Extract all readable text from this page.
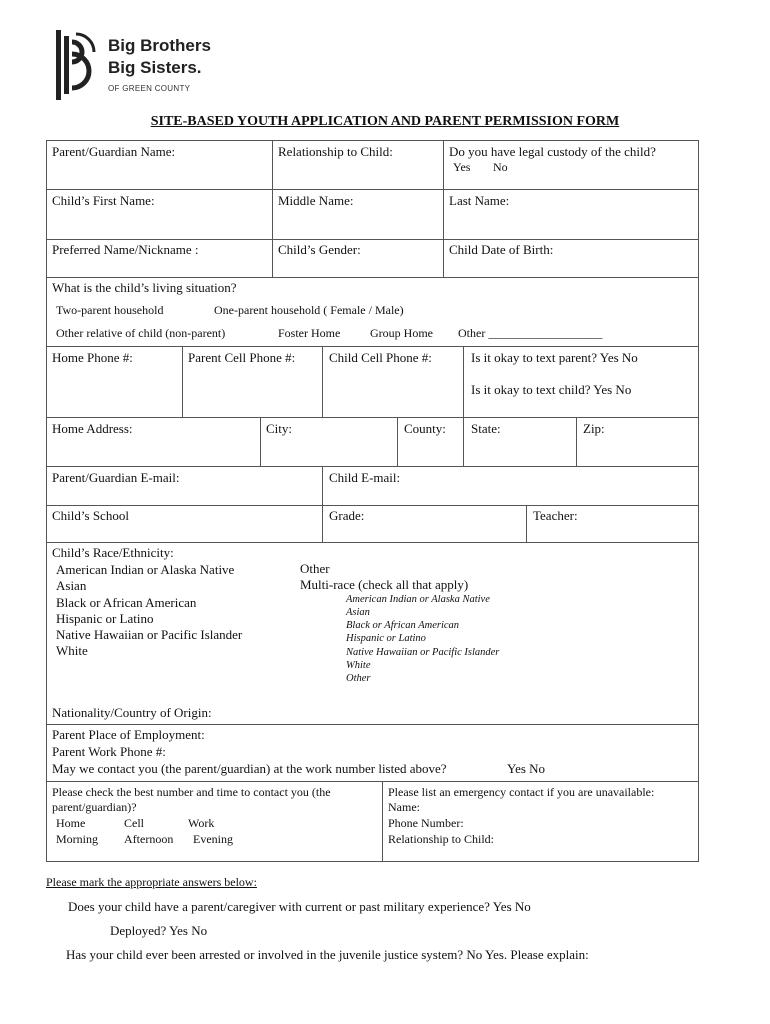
Big Brothers
Big Sisters.
OF GREEN COUNTY
SITE-BASED YOUTH APPLICATION AND PARENT PERMISSION FORM
Parent/Guardian Name:	Relationship to Child:	Do you have legal custody of the child?
Yes No
Child’s First Name:	Middle Name:	Last Name:
Preferred Name/Nickname :	Child’s Gender:	Child Date of Birth:
What is the child’s living situation?
Two-parent household	One-parent household ( Female / Male)
Other relative of child (non-parent)	Foster Home Group Home Other ___________________
Home Phone #:	Parent Cell Phone #:	Child Cell Phone #:	Is it okay to text parent? Yes No
Is it okay to text child? Yes No
Home Address:	City:	County: State:	Zip:
Parent/Guardian E-mail:	Child E-mail:
Child’s School	Grade:	Teacher:
Child’s Race/Ethnicity:
American Indian or Alaska Native
Asian
Black or African American
Hispanic or Latino
Native Hawaiian or Pacific Islander
White
Other
Multi-race (check all that apply)
American Indian or Alaska Native
Asian
Black or African American
Hispanic or Latino
Native Hawaiian or Pacific Islander
White
Other
Nationality/Country of Origin:
Parent Place of Employment:
Parent Work Phone #:
May we contact you (the parent/guardian) at the work number listed above?	Yes No
Please check the best number and time to contact you (the
parent/guardian)?
Home	Cell	Work
Morning Afternoon Evening
Please list an emergency contact if you are unavailable:
Name:
Phone Number:
Relationship to Child:
Please mark the appropriate answers below:
Does your child have a parent/caregiver with current or past military experience? Yes No
Deployed? Yes No
Has your child ever been arrested or involved in the juvenile justice system? No Yes. Please explain:
